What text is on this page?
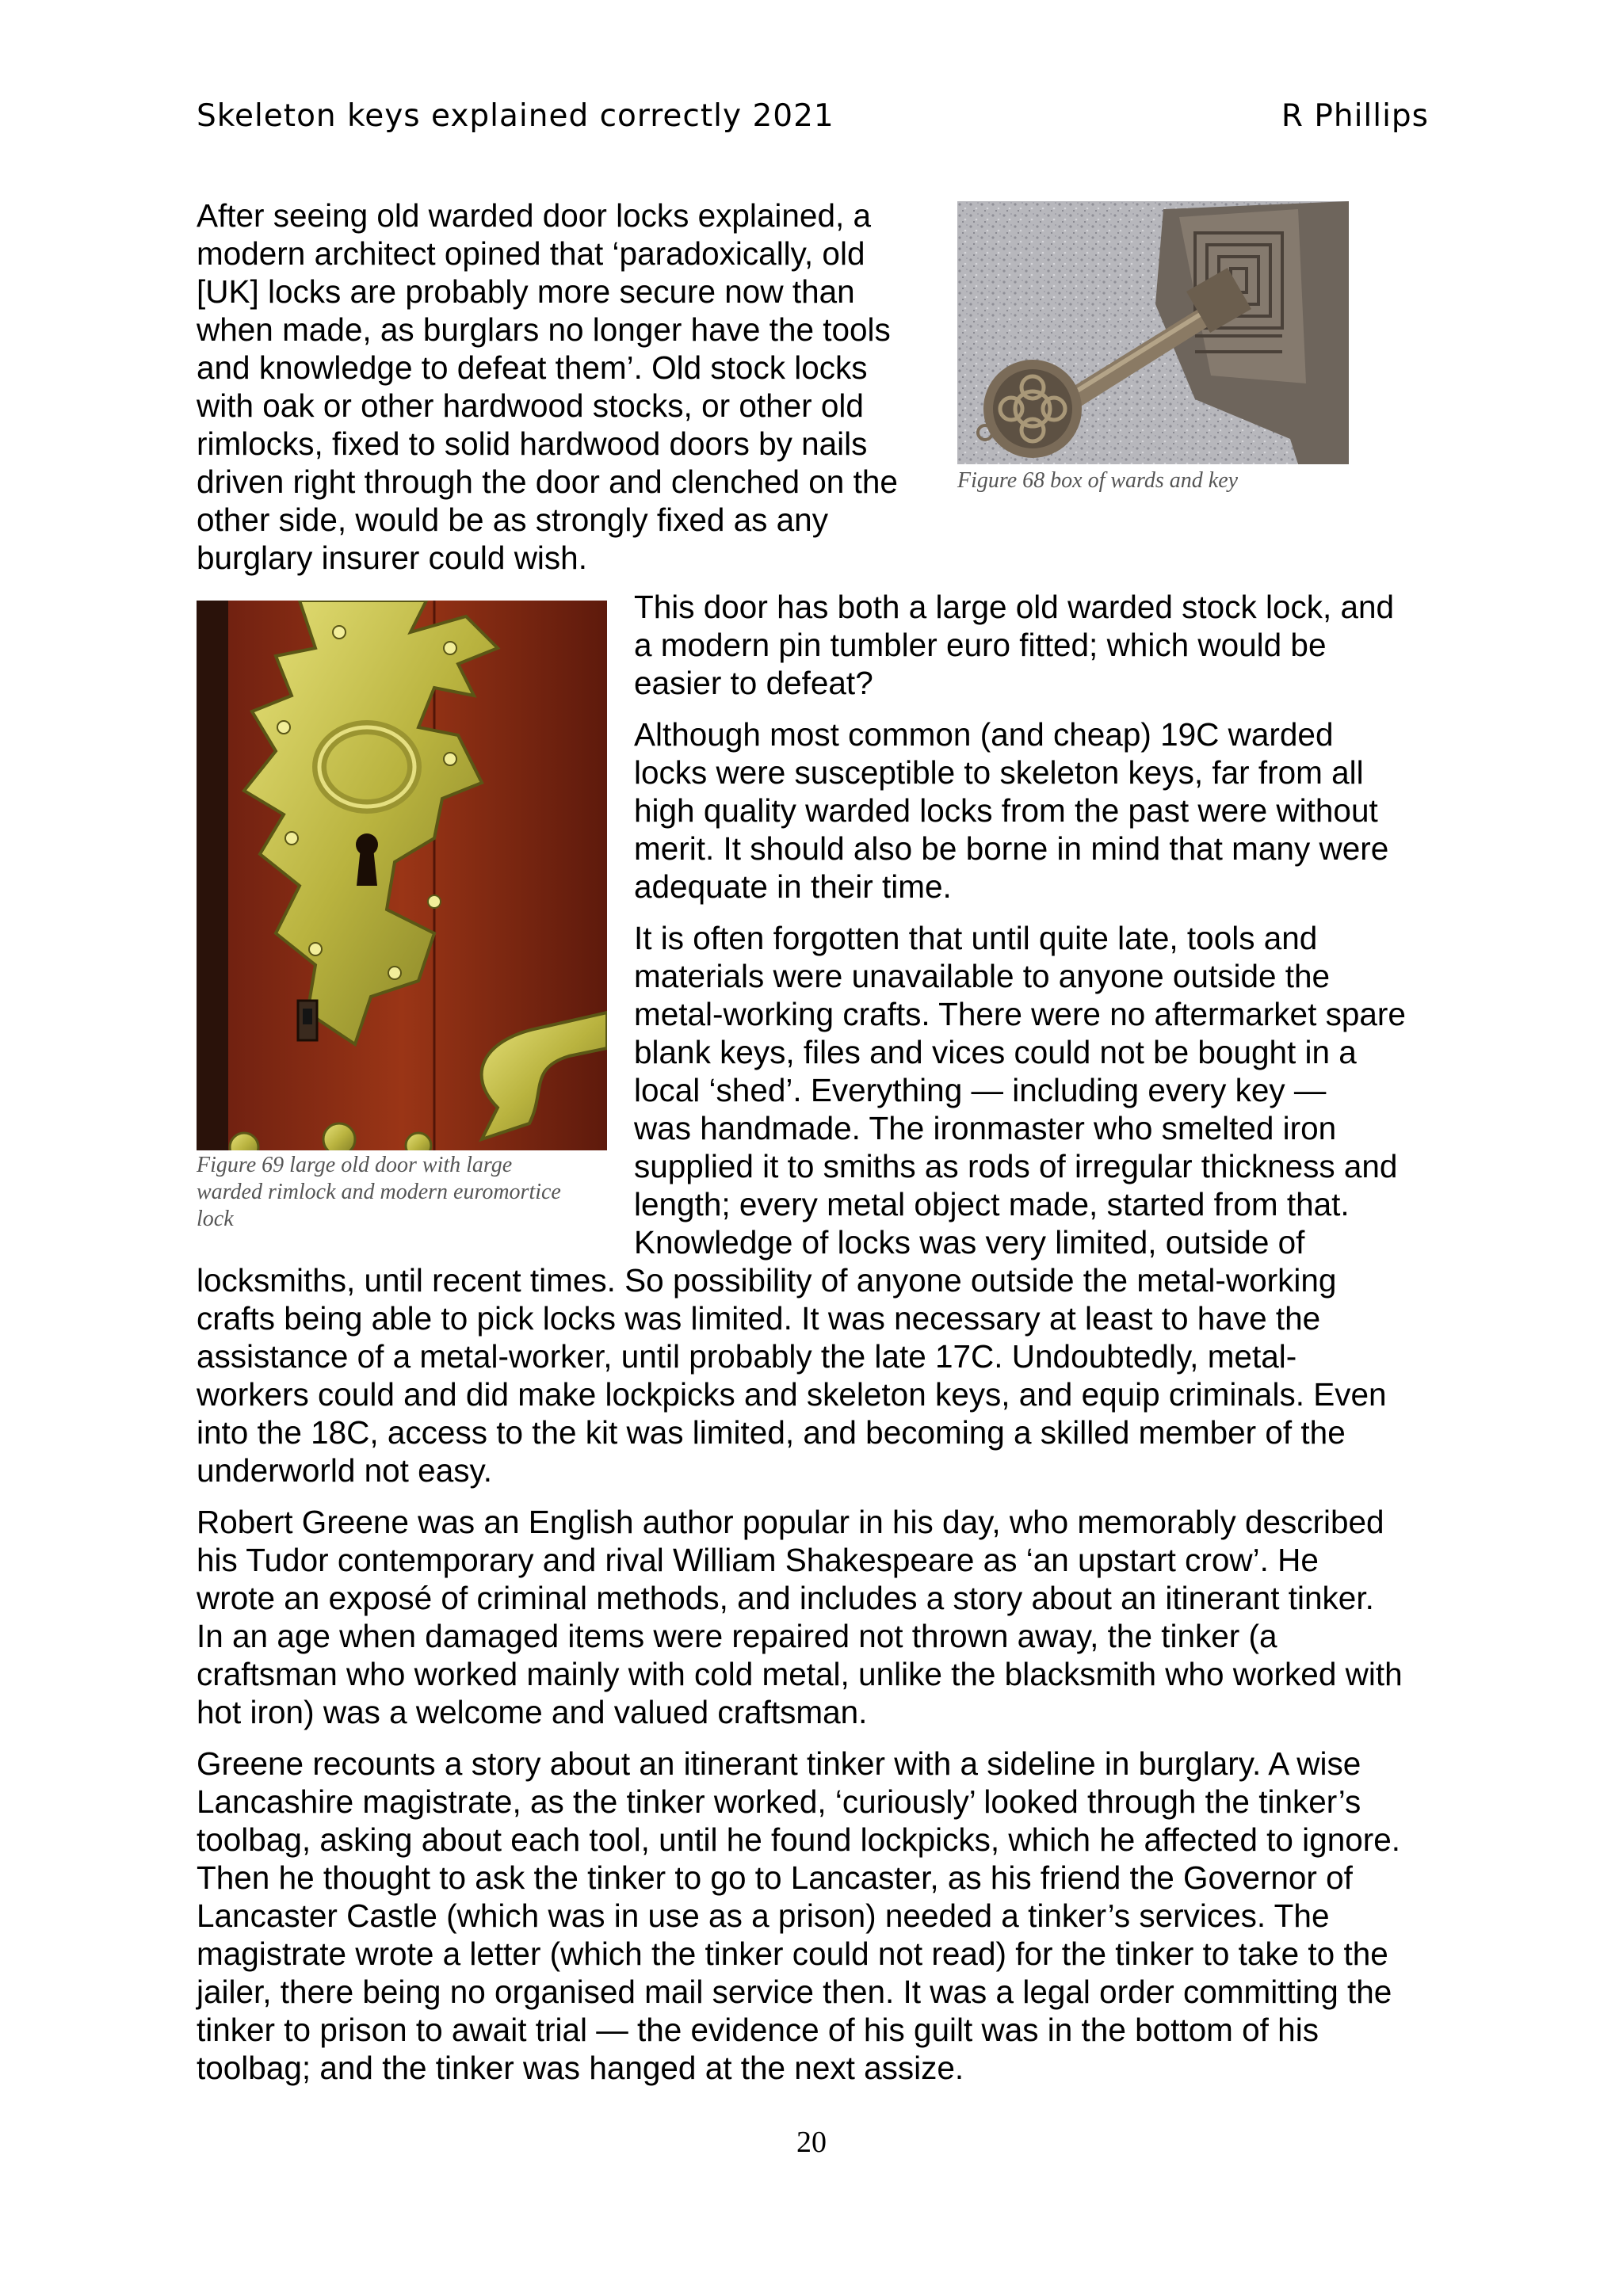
Skeleton keys explained correctly 2021	R Phillips
After seeing old warded door locks explained, a
modern architect opined that ‘paradoxically, old
[UK] locks are probably more secure now than
when made, as burglars no longer have the tools
and knowledge to defeat them’. Old stock locks
with oak or other hardwood stocks, or other old
rimlocks, fixed to solid hardwood doors by nails
driven right through the door and clenched on the
other side, would be as strongly fixed as any
burglary insurer could wish.
Figure 68 box of wards and key
Figure 69 large old door with large
warded rimlock and modern euromortice
lock
This door has both a large old warded stock lock, and
a modern pin tumbler euro fitted; which would be
easier to defeat?
Although most common (and cheap) 19C warded
locks were susceptible to skeleton keys, far from all
high quality warded locks from the past were without
merit. It should also be borne in mind that many were
adequate in their time.
It is often forgotten that until quite late, tools and
materials were unavailable to anyone outside the
metal-working crafts. There were no aftermarket spare
blank keys, files and vices could not be bought in a
local ‘shed’. Everything — including every key —
was handmade. The ironmaster who smelted iron
supplied it to smiths as rods of irregular thickness and
length; every metal object made, started from that.
Knowledge of locks was very limited, outside of
locksmiths, until recent times. So possibility of anyone outside the metal-working
crafts being able to pick locks was limited. It was necessary at least to have the
assistance of a metal-worker, until probably the late 17C. Undoubtedly, metal-
workers could and did make lockpicks and skeleton keys, and equip criminals. Even
into the 18C, access to the kit was limited, and becoming a skilled member of the
underworld not easy.
Robert Greene was an English author popular in his day, who memorably described
his Tudor contemporary and rival William Shakespeare as ‘an upstart crow’. He
wrote an exposé of criminal methods, and includes a story about an itinerant tinker.
In an age when damaged items were repaired not thrown away, the tinker (a
craftsman who worked mainly with cold metal, unlike the blacksmith who worked with
hot iron) was a welcome and valued craftsman.
Greene recounts a story about an itinerant tinker with a sideline in burglary. A wise
Lancashire magistrate, as the tinker worked, ‘curiously’ looked through the tinker’s
toolbag, asking about each tool, until he found lockpicks, which he affected to ignore.
Then he thought to ask the tinker to go to Lancaster, as his friend the Governor of
Lancaster Castle (which was in use as a prison) needed a tinker’s services. The
magistrate wrote a letter (which the tinker could not read) for the tinker to take to the
jailer, there being no organised mail service then. It was a legal order committing the
tinker to prison to await trial — the evidence of his guilt was in the bottom of his
toolbag; and the tinker was hanged at the next assize.
20
